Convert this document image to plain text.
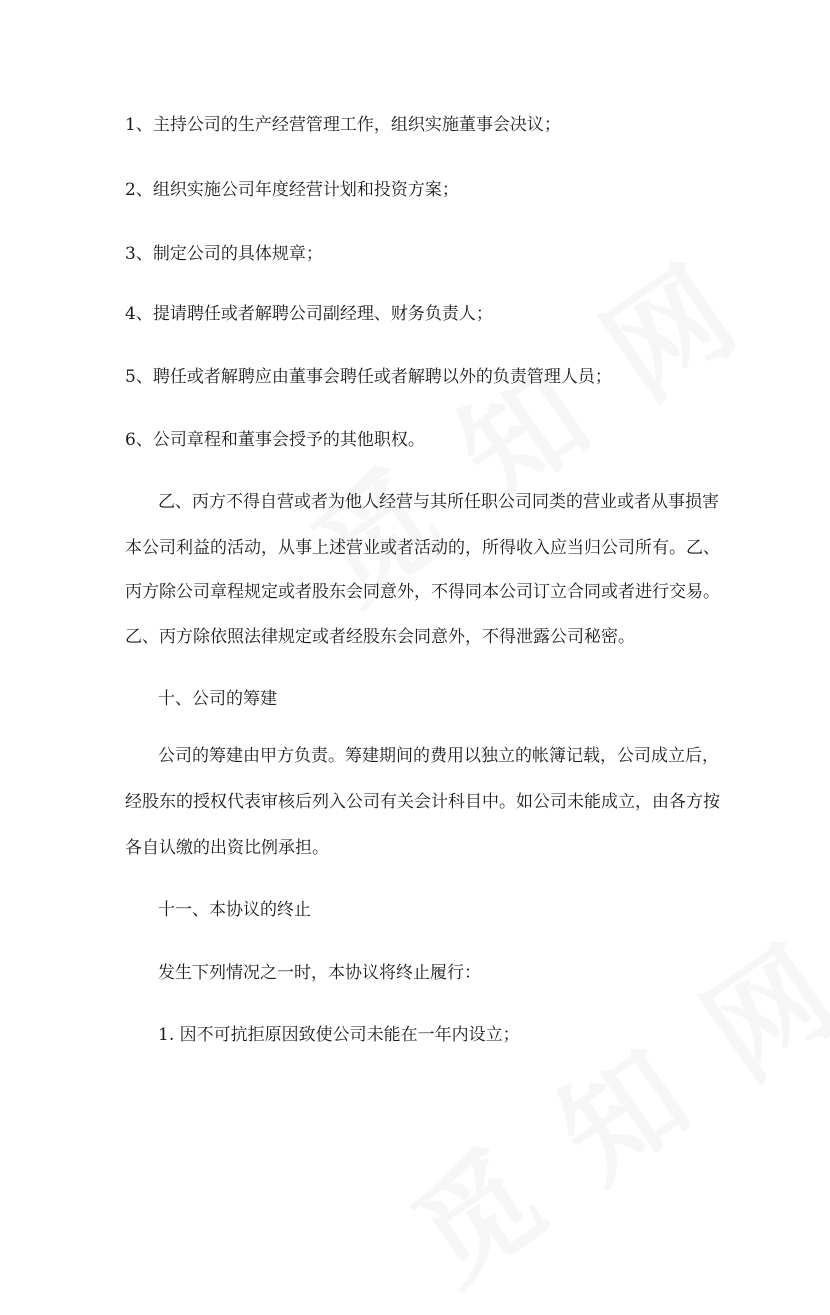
1、主持公司的生产经营管理工作，组织实施董事会决议；

2、组织实施公司年度经营计划和投资方案；

3、制定公司的具体规章；

4、提请聘任或者解聘公司副经理、财务负责人；

5、聘任或者解聘应由董事会聘任或者解聘以外的负责管理人员；

6、公司章程和董事会授予的其他职权。

乙、丙方不得自营或者为他人经营与其所任职公司同类的营业或者从事损害

本公司利益的活动，从事上述营业或者活动的，所得收入应当归公司所有。乙、

丙方除公司章程规定或者股东会同意外，不得同本公司订立合同或者进行交易。

乙、丙方除依照法律规定或者经股东会同意外，不得泄露公司秘密。

十、公司的筹建

公司的筹建由甲方负责。筹建期间的费用以独立的帐簿记载，公司成立后，

经股东的授权代表审核后列入公司有关会计科目中。如公司未能成立，由各方按

各自认缴的出资比例承担。

十一、本协议的终止

发生下列情况之一时，本协议将终止履行：

1. 因不可抗拒原因致使公司未能在一年内设立；
